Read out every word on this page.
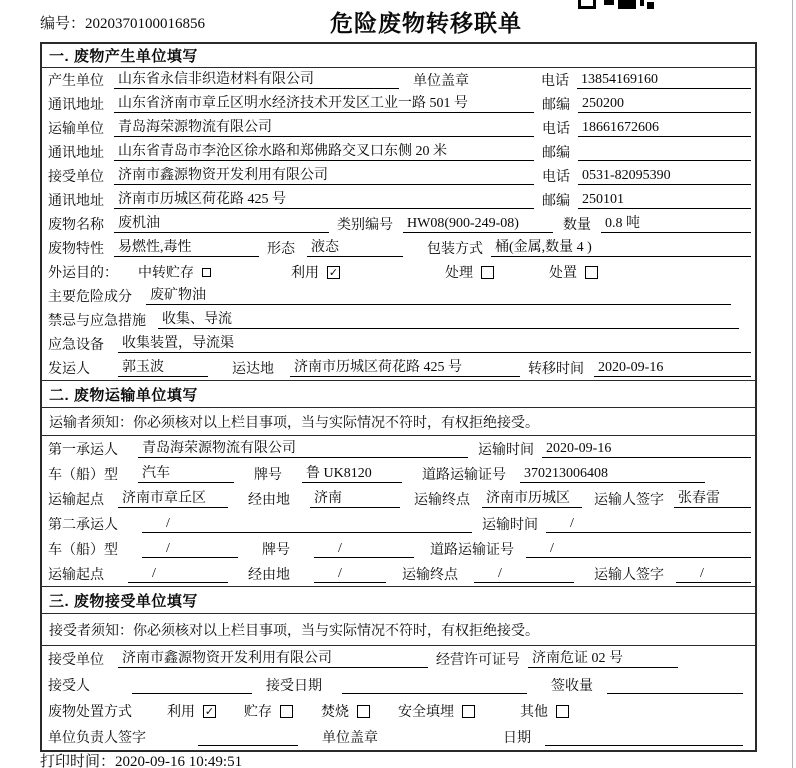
编号：2020370100016856	危险废物转移联单
一. 废物产生单位填写
产生单位 山东省永信非织造材料有限公司	单位盖章	电话 13854169160
通讯地址 山东省济南市章丘区明水经济技术开发区工业一路 501 号	邮编 250200
运输单位 青岛海荣源物流有限公司	电话 18661672606
通讯地址 山东省青岛市李沧区徐水路和郑佛路交叉口东侧 20 米	邮编
接受单位 济南市鑫源物资开发利用有限公司	电话 0531-82095390
通讯地址 济南市历城区荷花路 425 号	邮编 250101
废物名称 废机油	类别编号 HW08(900-249-08)	数量 0.8 吨
废物特性 易燃性,毒性	形态 液态	包装方式 桶(金属,数量 4 )
外运目的： 中转贮存	利用 ✓	处理	处置
主要危险成分 废矿物油
禁忌与应急措施 收集、导流
应急设备 收集装置，导流渠
发运人 郭玉波	运达地 济南市历城区荷花路 425 号	转移时间 2020-09-16
二. 废物运输单位填写
运输者须知：你必须核对以上栏目事项，当与实际情况不符时，有权拒绝接受。
第一承运人 青岛海荣源物流有限公司	运输时间 2020-09-16
车（船）型 汽车	牌号 鲁 UK8120	道路运输证号 370213006408
运输起点 济南市章丘区	经由地 济南	运输终点 济南市历城区	运输人签字 张春雷
第二承运人	/	运输时间	/
车（船）型	/	牌号	/	道路运输证号	/
运输起点	/	经由地	/	运输终点	/	运输人签字	/
三. 废物接受单位填写
接受者须知：你必须核对以上栏目事项，当与实际情况不符时，有权拒绝接受。
接受单位 济南市鑫源物资开发利用有限公司	经营许可证号 济南危证 02 号
接受人	接受日期	签收量
废物处置方式	利用 ✓ 贮存	焚烧	安全填埋	其他
单位负责人签字	单位盖章	日期
打印时间：2020-09-16 10:49:51
